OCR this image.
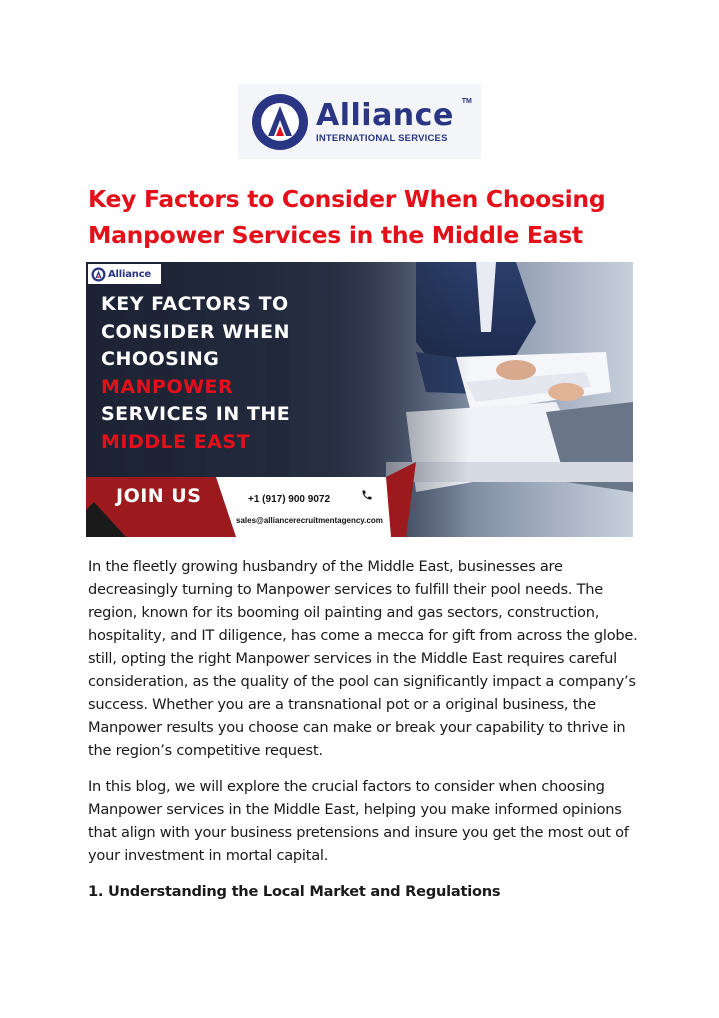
Alliance
INTERNATIONAL SERVICES
TM
Key Factors to Consider When Choosing Manpower Services in the Middle East
Alliance
KEY FACTORS TO
CONSIDER WHEN
CHOOSING
MANPOWER
SERVICES IN THE
MIDDLE EAST
JOIN US	+1 (917) 900 9072
sales@alliancerecruitmentagency.com

In the fleetly growing husbandry of the Middle East, businesses are decreasingly turning to Manpower services to fulfill their pool needs. The region, known for its booming oil painting and gas sectors, construction, hospitality, and IT diligence, has come a mecca for gift from across the globe. still, opting the right Manpower services in the Middle East requires careful consideration, as the quality of the pool can significantly impact a company’s success. Whether you are a transnational pot or a original business, the Manpower results you choose can make or break your capability to thrive in the region’s competitive request.

In this blog, we will explore the crucial factors to consider when choosing Manpower services in the Middle East, helping you make informed opinions that align with your business pretensions and insure you get the most out of your investment in mortal capital.

1. Understanding the Local Market and Regulations
